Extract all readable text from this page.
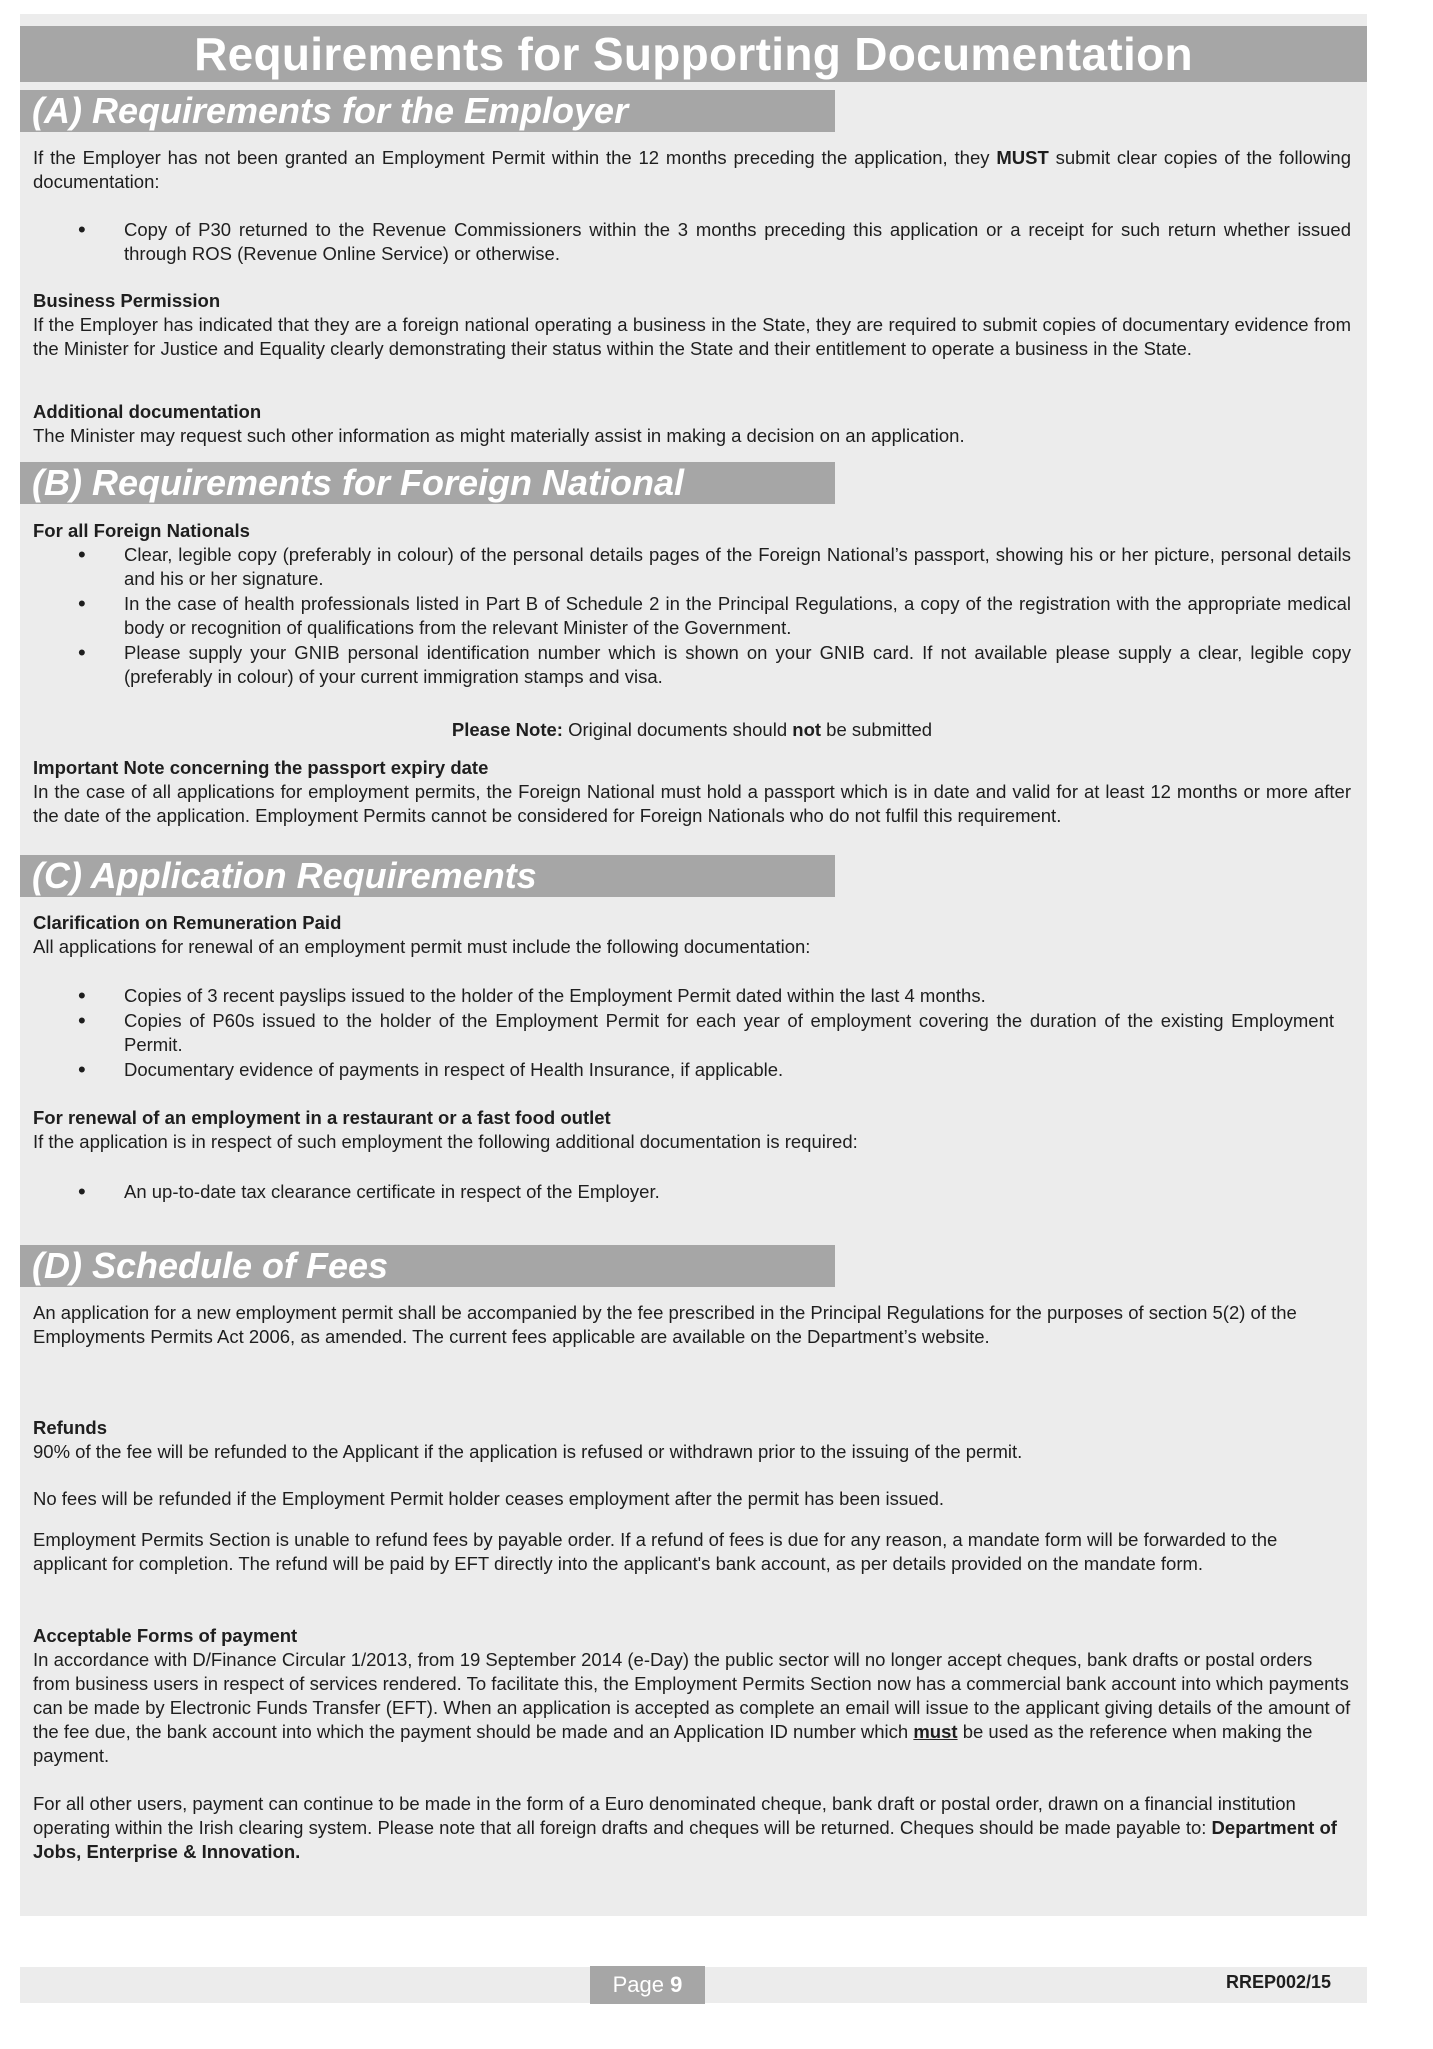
Requirements for Supporting Documentation
(A) Requirements for the Employer

If the Employer has not been granted an Employment Permit within the 12 months preceding the application, they MUST submit clear copies of the following documentation:

• Copy of P30 returned to the Revenue Commissioners within the 3 months preceding this application or a receipt for such return whether issued through ROS (Revenue Online Service) or otherwise.

Business Permission

If the Employer has indicated that they are a foreign national operating a business in the State, they are required to submit copies of documentary evidence from the Minister for Justice and Equality clearly demonstrating their status within the State and their entitlement to operate a business in the State.

Additional documentation

The Minister may request such other information as might materially assist in making a decision on an application.

(B) Requirements for Foreign National

For all Foreign Nationals

• Clear, legible copy (preferably in colour) of the personal details pages of the Foreign National’s passport, showing his or her picture, personal details and his or her signature.

• In the case of health professionals listed in Part B of Schedule 2 in the Principal Regulations, a copy of the registration with the appropriate medical body or recognition of qualifications from the relevant Minister of the Government.

• Please supply your GNIB personal identification number which is shown on your GNIB card. If not available please supply a clear, legible copy (preferably in colour) of your current immigration stamps and visa.

Please Note: Original documents should not be submitted

Important Note concerning the passport expiry date

In the case of all applications for employment permits, the Foreign National must hold a passport which is in date and valid for at least 12 months or more after the date of the application. Employment Permits cannot be considered for Foreign Nationals who do not fulfil this requirement.

(C) Application Requirements

Clarification on Remuneration Paid

All applications for renewal of an employment permit must include the following documentation:

• Copies of 3 recent payslips issued to the holder of the Employment Permit dated within the last 4 months.

• Copies of P60s issued to the holder of the Employment Permit for each year of employment covering the duration of the existing Employment Permit.

• Documentary evidence of payments in respect of Health Insurance, if applicable.

For renewal of an employment in a restaurant or a fast food outlet

If the application is in respect of such employment the following additional documentation is required:

• An up-to-date tax clearance certificate in respect of the Employer.

(D) Schedule of Fees

An application for a new employment permit shall be accompanied by the fee prescribed in the Principal Regulations for the purposes of section 5(2) of the Employments Permits Act 2006, as amended. The current fees applicable are available on the Department’s website.

Refunds

90% of the fee will be refunded to the Applicant if the application is refused or withdrawn prior to the issuing of the permit.

No fees will be refunded if the Employment Permit holder ceases employment after the permit has been issued.

Employment Permits Section is unable to refund fees by payable order. If a refund of fees is due for any reason, a mandate form will be forwarded to the applicant for completion. The refund will be paid by EFT directly into the applicant's bank account, as per details provided on the mandate form.

Acceptable Forms of payment

In accordance with D/Finance Circular 1/2013, from 19 September 2014 (e-Day) the public sector will no longer accept cheques, bank drafts or postal orders from business users in respect of services rendered. To facilitate this, the Employment Permits Section now has a commercial bank account into which payments can be made by Electronic Funds Transfer (EFT). When an application is accepted as complete an email will issue to the applicant giving details of the amount of the fee due, the bank account into which the payment should be made and an Application ID number which must be used as the reference when making the payment.

For all other users, payment can continue to be made in the form of a Euro denominated cheque, bank draft or postal order, drawn on a financial institution operating within the Irish clearing system. Please note that all foreign drafts and cheques will be returned. Cheques should be made payable to: Department of Jobs, Enterprise & Innovation.

Page 9	RREP002/15
